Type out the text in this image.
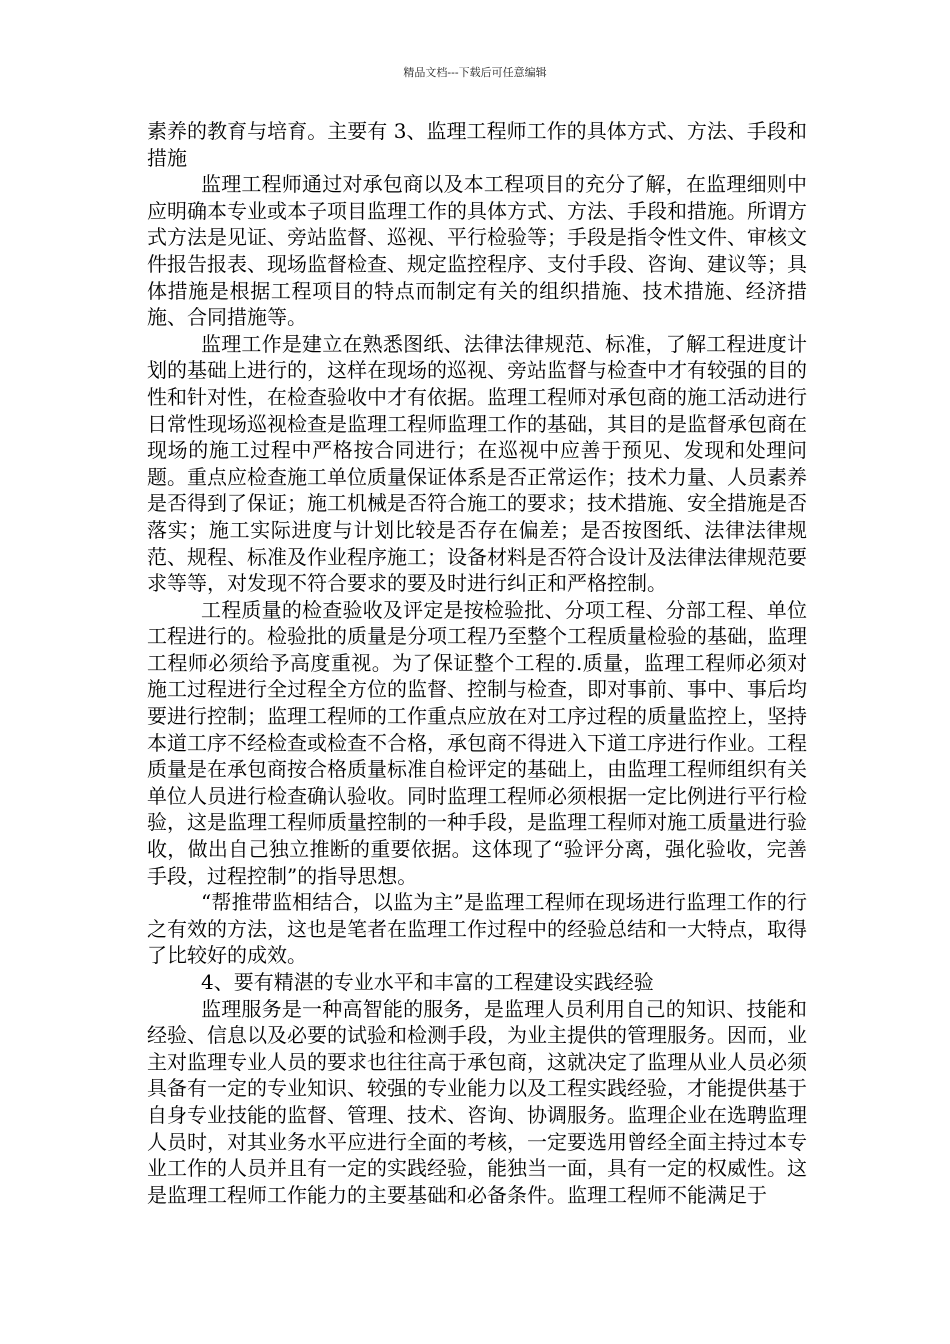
精品文档---下载后可任意编辑

素养的教育与培育。主要有 3、监理工程师工作的具体方式、方法、手段和措施

监理工程师通过对承包商以及本工程项目的充分了解，在监理细则中应明确本专业或本子项目监理工作的具体方式、方法、手段和措施。所谓方式方法是见证、旁站监督、巡视、平行检验等；手段是指令性文件、审核文件报告报表、现场监督检查、规定监控程序、支付手段、咨询、建议等；具体措施是根据工程项目的特点而制定有关的组织措施、技术措施、经济措施、合同措施等。

监理工作是建立在熟悉图纸、法律法律规范、标准，了解工程进度计划的基础上进行的，这样在现场的巡视、旁站监督与检查中才有较强的目的性和针对性，在检查验收中才有依据。监理工程师对承包商的施工活动进行日常性现场巡视检查是监理工程师监理工作的基础，其目的是监督承包商在现场的施工过程中严格按合同进行；在巡视中应善于预见、发现和处理问题。重点应检查施工单位质量保证体系是否正常运作；技术力量、人员素养是否得到了保证；施工机械是否符合施工的要求；技术措施、安全措施是否落实；施工实际进度与计划比较是否存在偏差；是否按图纸、法律法律规范、规程、标准及作业程序施工；设备材料是否符合设计及法律法律规范要求等等，对发现不符合要求的要及时进行纠正和严格控制。

工程质量的检查验收及评定是按检验批、分项工程、分部工程、单位工程进行的。检验批的质量是分项工程乃至整个工程质量检验的基础，监理工程师必须给予高度重视。为了保证整个工程的.质量，监理工程师必须对施工过程进行全过程全方位的监督、控制与检查，即对事前、事中、事后均要进行控制；监理工程师的工作重点应放在对工序过程的质量监控上，坚持本道工序不经检查或检查不合格，承包商不得进入下道工序进行作业。工程质量是在承包商按合格质量标准自检评定的基础上，由监理工程师组织有关单位人员进行检查确认验收。同时监理工程师必须根据一定比例进行平行检验，这是监理工程师质量控制的一种手段，是监理工程师对施工质量进行验收，做出自己独立推断的重要依据。这体现了“验评分离，强化验收，完善手段，过程控制”的指导思想。

“帮推带监相结合，以监为主”是监理工程师在现场进行监理工作的行之有效的方法，这也是笔者在监理工作过程中的经验总结和一大特点，取得了比较好的成效。

4、要有精湛的专业水平和丰富的工程建设实践经验

监理服务是一种高智能的服务，是监理人员利用自己的知识、技能和经验、信息以及必要的试验和检测手段，为业主提供的管理服务。因而，业主对监理专业人员的要求也往往高于承包商，这就决定了监理从业人员必须具备有一定的专业知识、较强的专业能力以及工程实践经验，才能提供基于自身专业技能的监督、管理、技术、咨询、协调服务。监理企业在选聘监理人员时，对其业务水平应进行全面的考核，一定要选用曾经全面主持过本专业工作的人员并且有一定的实践经验，能独当一面，具有一定的权威性。这是监理工程师工作能力的主要基础和必备条件。监理工程师不能满足于
